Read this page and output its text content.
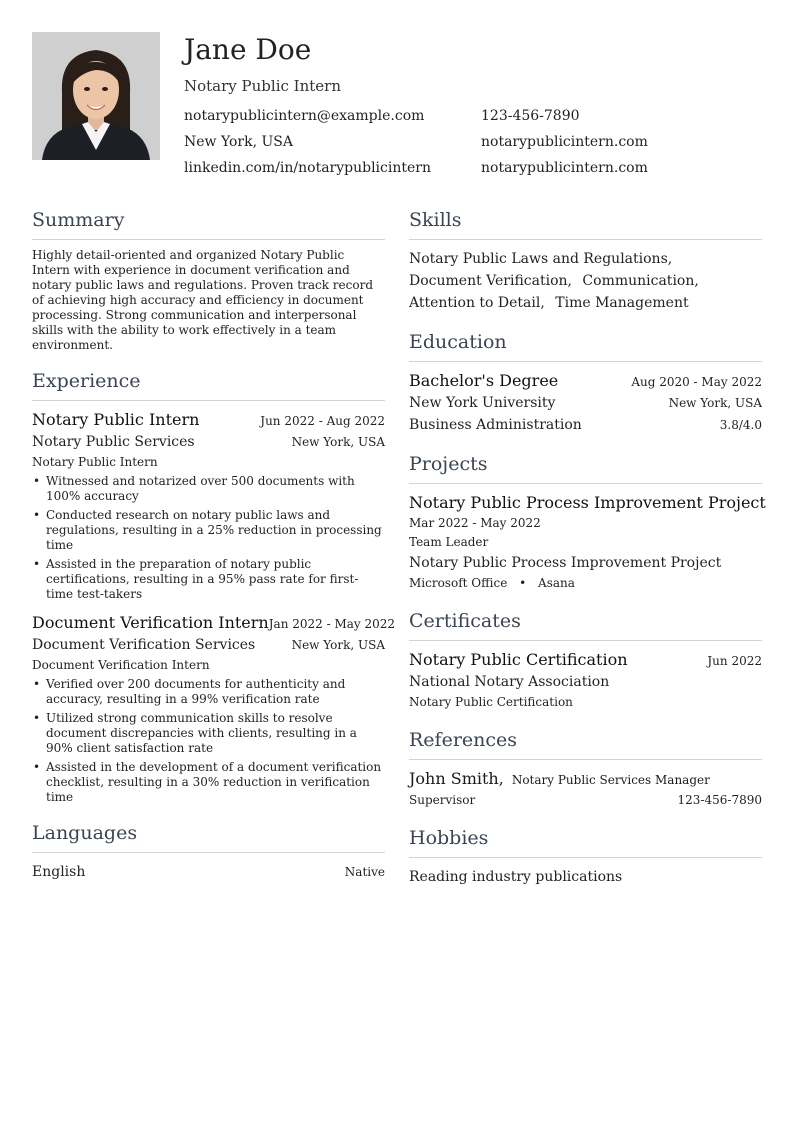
Jane Doe
Notary Public Intern
notarypublicintern@example.com	123-456-7890
New York, USA	notarypublicintern.com
linkedin.com/in/notarypublicintern	notarypublicintern.com
Summary
Highly detail-oriented and organized Notary Public Intern with experience in document verification and notary public laws and regulations. Proven track record of achieving high accuracy and efficiency in document processing. Strong communication and interpersonal skills with the ability to work effectively in a team environment.
Experience
Notary Public Intern	Jun 2022 - Aug 2022
Notary Public Services	New York, USA
Notary Public Intern
• Witnessed and notarized over 500 documents with 100% accuracy
• Conducted research on notary public laws and regulations, resulting in a 25% reduction in processing time
• Assisted in the preparation of notary public certifications, resulting in a 95% pass rate for first-time test-takers
Document Verification Intern Jan 2022 - May 2022
Document Verification Services	New York, USA
Document Verification Intern
• Verified over 200 documents for authenticity and accuracy, resulting in a 99% verification rate
• Utilized strong communication skills to resolve document discrepancies with clients, resulting in a 90% client satisfaction rate
• Assisted in the development of a document verification checklist, resulting in a 30% reduction in verification time
Languages
English	Native
Skills
Notary Public Laws and Regulations,
Document Verification, Communication,
Attention to Detail, Time Management
Education
Bachelor's Degree	Aug 2020 - May 2022
New York University	New York, USA
Business Administration	3.8/4.0
Projects
Notary Public Process Improvement Project
Mar 2022 - May 2022
Team Leader
Notary Public Process Improvement Project
Microsoft Office • Asana
Certificates
Notary Public Certification	Jun 2022
National Notary Association
Notary Public Certification
References
John Smith, Notary Public Services Manager
Supervisor	123-456-7890
Hobbies
Reading industry publications
